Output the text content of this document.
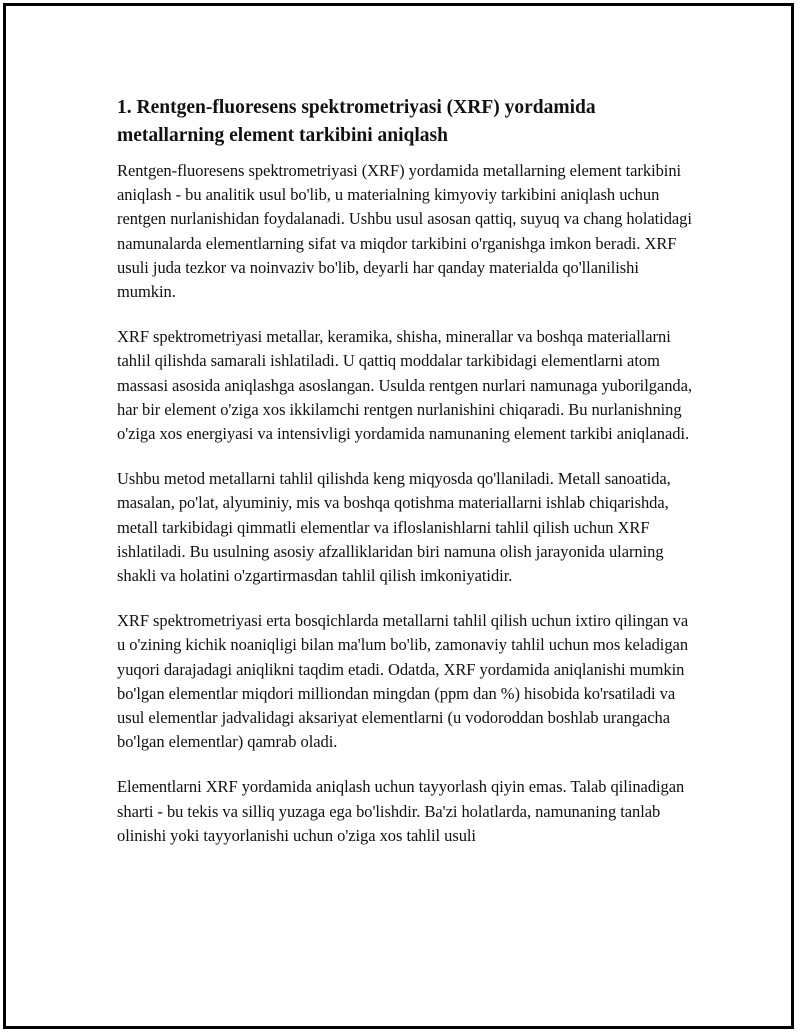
1. Rentgen-fluoresens spektrometriyasi (XRF) yordamida metallarning element tarkibini aniqlash

Rentgen-fluoresens spektrometriyasi (XRF) yordamida metallarning element tarkibini aniqlash - bu analitik usul bo'lib, u materialning kimyoviy tarkibini aniqlash uchun rentgen nurlanishidan foydalanadi. Ushbu usul asosan qattiq, suyuq va chang holatidagi namunalarda elementlarning sifat va miqdor tarkibini o'rganishga imkon beradi. XRF usuli juda tezkor va noinvaziv bo'lib, deyarli har qanday materialda qo'llanilishi mumkin.

XRF spektrometriyasi metallar, keramika, shisha, minerallar va boshqa materiallarni tahlil qilishda samarali ishlatiladi. U qattiq moddalar tarkibidagi elementlarni atom massasi asosida aniqlashga asoslangan. Usulda rentgen nurlari namunaga yuborilganda, har bir element o'ziga xos ikkilamchi rentgen nurlanishini chiqaradi. Bu nurlanishning o'ziga xos energiyasi va intensivligi yordamida namunaning element tarkibi aniqlanadi.

Ushbu metod metallarni tahlil qilishda keng miqyosda qo'llaniladi. Metall sanoatida, masalan, po'lat, alyuminiy, mis va boshqa qotishma materiallarni ishlab chiqarishda, metall tarkibidagi qimmatli elementlar va ifloslanishlarni tahlil qilish uchun XRF ishlatiladi. Bu usulning asosiy afzalliklaridan biri namuna olish jarayonida ularning shakli va holatini o'zgartirmasdan tahlil qilish imkoniyatidir.

XRF spektrometriyasi erta bosqichlarda metallarni tahlil qilish uchun ixtiro qilingan va u o'zining kichik noaniqligi bilan ma'lum bo'lib, zamonaviy tahlil uchun mos keladigan yuqori darajadagi aniqlikni taqdim etadi. Odatda, XRF yordamida aniqlanishi mumkin bo'lgan elementlar miqdori milliondan mingdan (ppm dan %) hisobida ko'rsatiladi va usul elementlar jadvalidagi aksariyat elementlarni (u vodoroddan boshlab urangacha bo'lgan elementlar) qamrab oladi.

Elementlarni XRF yordamida aniqlash uchun tayyorlash qiyin emas. Talab qilinadigan sharti - bu tekis va silliq yuzaga ega bo'lishdir. Ba'zi holatlarda, namunaning tanlab olinishi yoki tayyorlanishi uchun o'ziga xos tahlil usuli
